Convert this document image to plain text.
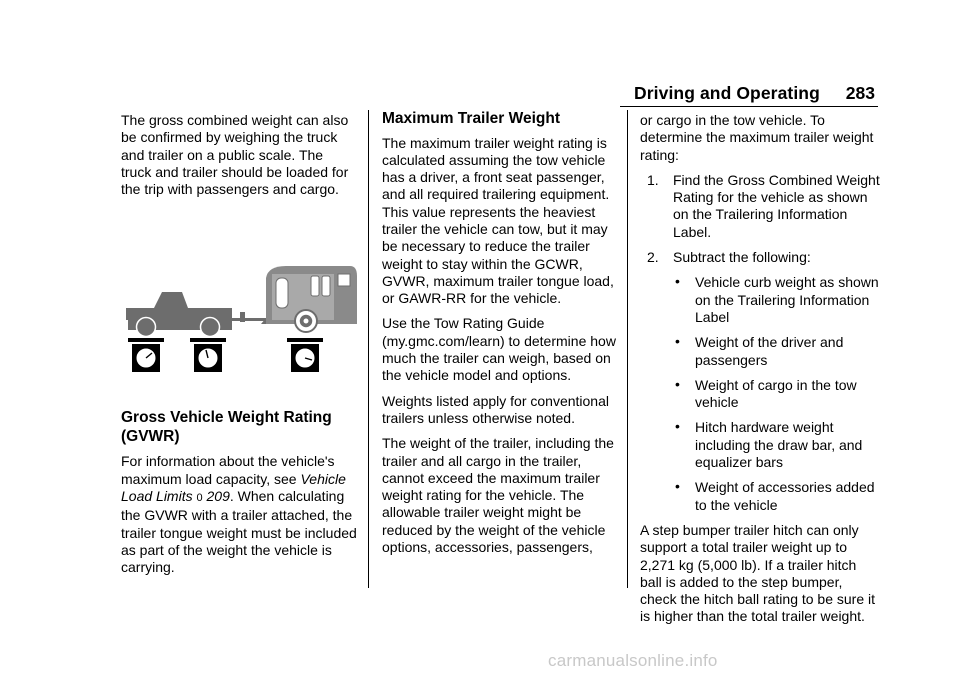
Driving and Operating 283

The gross combined weight can also be confirmed by weighing the truck and trailer on a public scale. The truck and trailer should be loaded for the trip with passengers and cargo.

Gross Vehicle Weight Rating (GVWR)

For information about the vehicle's maximum load capacity, see Vehicle Load Limits 0 209. When calculating the GVWR with a trailer attached, the trailer tongue weight must be included as part of the weight the vehicle is carrying.

Maximum Trailer Weight

The maximum trailer weight rating is calculated assuming the tow vehicle has a driver, a front seat passenger, and all required trailering equipment. This value represents the heaviest trailer the vehicle can tow, but it may be necessary to reduce the trailer weight to stay within the GCWR, GVWR, maximum trailer tongue load, or GAWR-RR for the vehicle.

Use the Tow Rating Guide (my.gmc.com/learn) to determine how much the trailer can weigh, based on the vehicle model and options.

Weights listed apply for conventional trailers unless otherwise noted.

The weight of the trailer, including the trailer and all cargo in the trailer, cannot exceed the maximum trailer weight rating for the vehicle. The allowable trailer weight might be reduced by the weight of the vehicle options, accessories, passengers,

or cargo in the tow vehicle. To determine the maximum trailer weight rating:

1. Find the Gross Combined Weight Rating for the vehicle as shown on the Trailering Information Label.
2. Subtract the following:
• Vehicle curb weight as shown on the Trailering Information Label
• Weight of the driver and passengers
• Weight of cargo in the tow vehicle
• Hitch hardware weight including the draw bar, and equalizer bars
• Weight of accessories added to the vehicle

A step bumper trailer hitch can only support a total trailer weight up to 2,271 kg (5,000 lb). If a trailer hitch ball is added to the step bumper, check the hitch ball rating to be sure it is higher than the total trailer weight.

carmanualsonline.info
